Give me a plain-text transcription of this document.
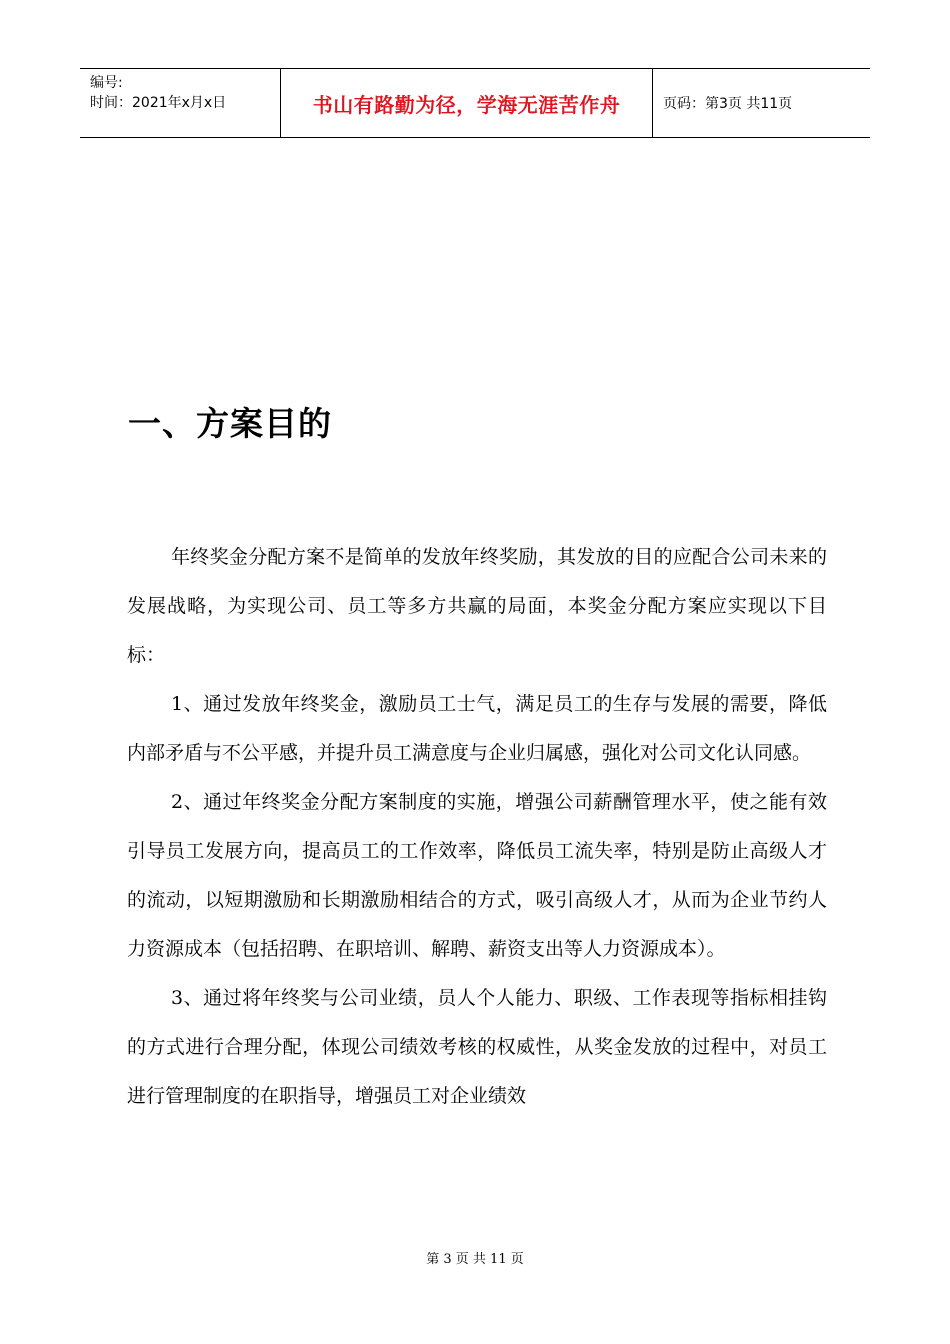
编号:
时间：2021年x月x日	书山有路勤为径，学海无涯苦作舟	页码：第3页 共11页
一、方案目的

年终奖金分配方案不是简单的发放年终奖励，其发放的目的应配合公司未来的发展战略，为实现公司、员工等多方共赢的局面，本奖金分配方案应实现以下目标：

1、通过发放年终奖金，激励员工士气，满足员工的生存与发展的需要，降低内部矛盾与不公平感，并提升员工满意度与企业归属感，强化对公司文化认同感。

2、通过年终奖金分配方案制度的实施，增强公司薪酬管理水平，使之能有效引导员工发展方向，提高员工的工作效率，降低员工流失率，特别是防止高级人才的流动，以短期激励和长期激励相结合的方式，吸引高级人才，从而为企业节约人力资源成本（包括招聘、在职培训、解聘、薪资支出等人力资源成本）。

3、通过将年终奖与公司业绩，员人个人能力、职级、工作表现等指标相挂钩的方式进行合理分配，体现公司绩效考核的权威性，从奖金发放的过程中，对员工进行管理制度的在职指导，增强员工对企业绩效

第 3 页 共 11 页
